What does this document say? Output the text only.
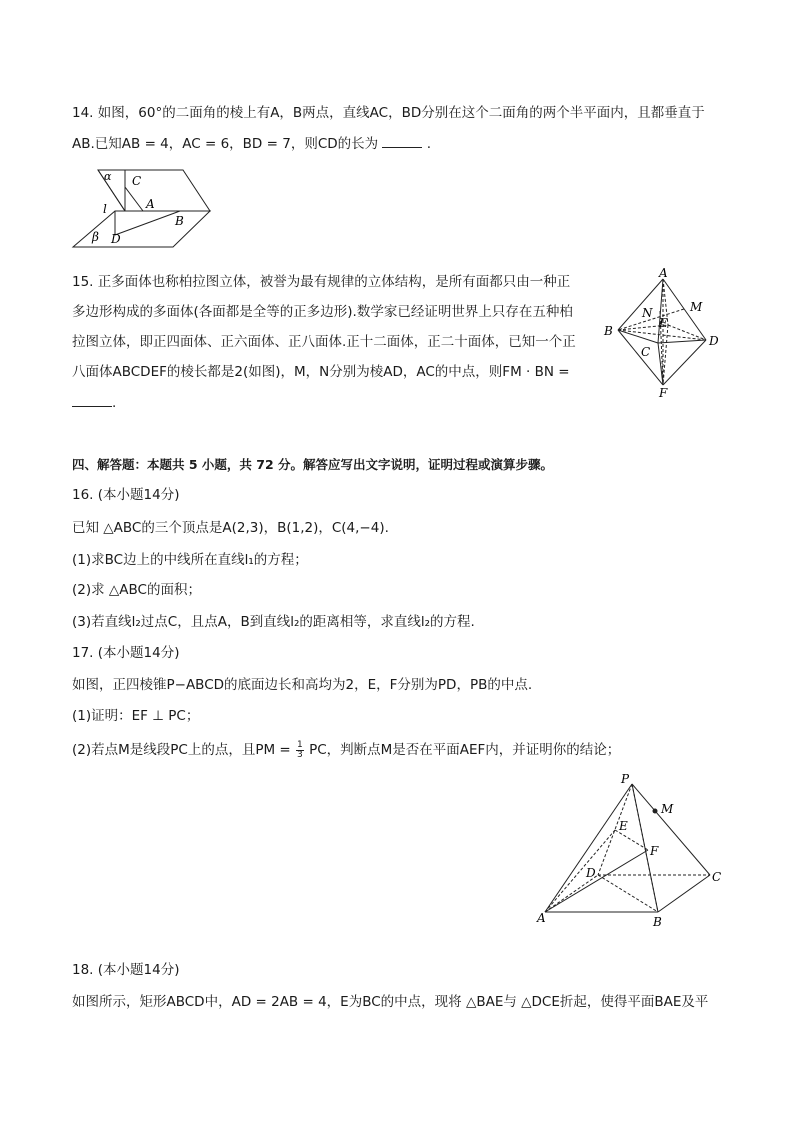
14. 如图，60°的二面角的棱上有A，B两点，直线AC，BD分别在这个二面角的两个半平面内，且都垂直于
AB.已知AB = 4，AC = 6，BD = 7，则CD的长为	.
α C
A
l
B
β D
15. 正多面体也称柏拉图立体，被誉为最有规律的立体结构，是所有面都只由一种正
多边形构成的多面体(各面都是全等的正多边形).数学家已经证明世界上只存在五种柏
拉图立体，即正四面体、正六面体、正八面体.正十二面体，正二十面体，已知一个正
八面体ABCDEF的棱长都是2(如图)，M，N分别为棱AD，AC的中点，则FM · BN =
.
A
M
N
E
B
D
C
F
四、解答题：本题共 5 小题，共 72 分。解答应写出文字说明，证明过程或演算步骤。
16. (本小题14分)
已知 △ABC的三个顶点是A(2,3)，B(1,2)，C(4,−4).
(1)求BC边上的中线所在直线l₁的方程；
(2)求 △ABC的面积；
(3)若直线l₂过点C，且点A，B到直线l₂的距离相等，求直线l₂的方程.
17. (本小题14分)
如图，正四棱锥P−ABCD的底面边长和高均为2，E，F分别为PD，PB的中点.
(1)证明：EF ⊥ PC；
(2)若点M是线段PC上的点，且PM = $\frac{1}{3}$ PC，判断点M是否在平面AEF内，并证明你的结论；
P
M
E
F
D	C
A	B
18. (本小题14分)
如图所示，矩形ABCD中，AD = 2AB = 4，E为BC的中点，现将 △BAE与 △DCE折起，使得平面BAE及平
